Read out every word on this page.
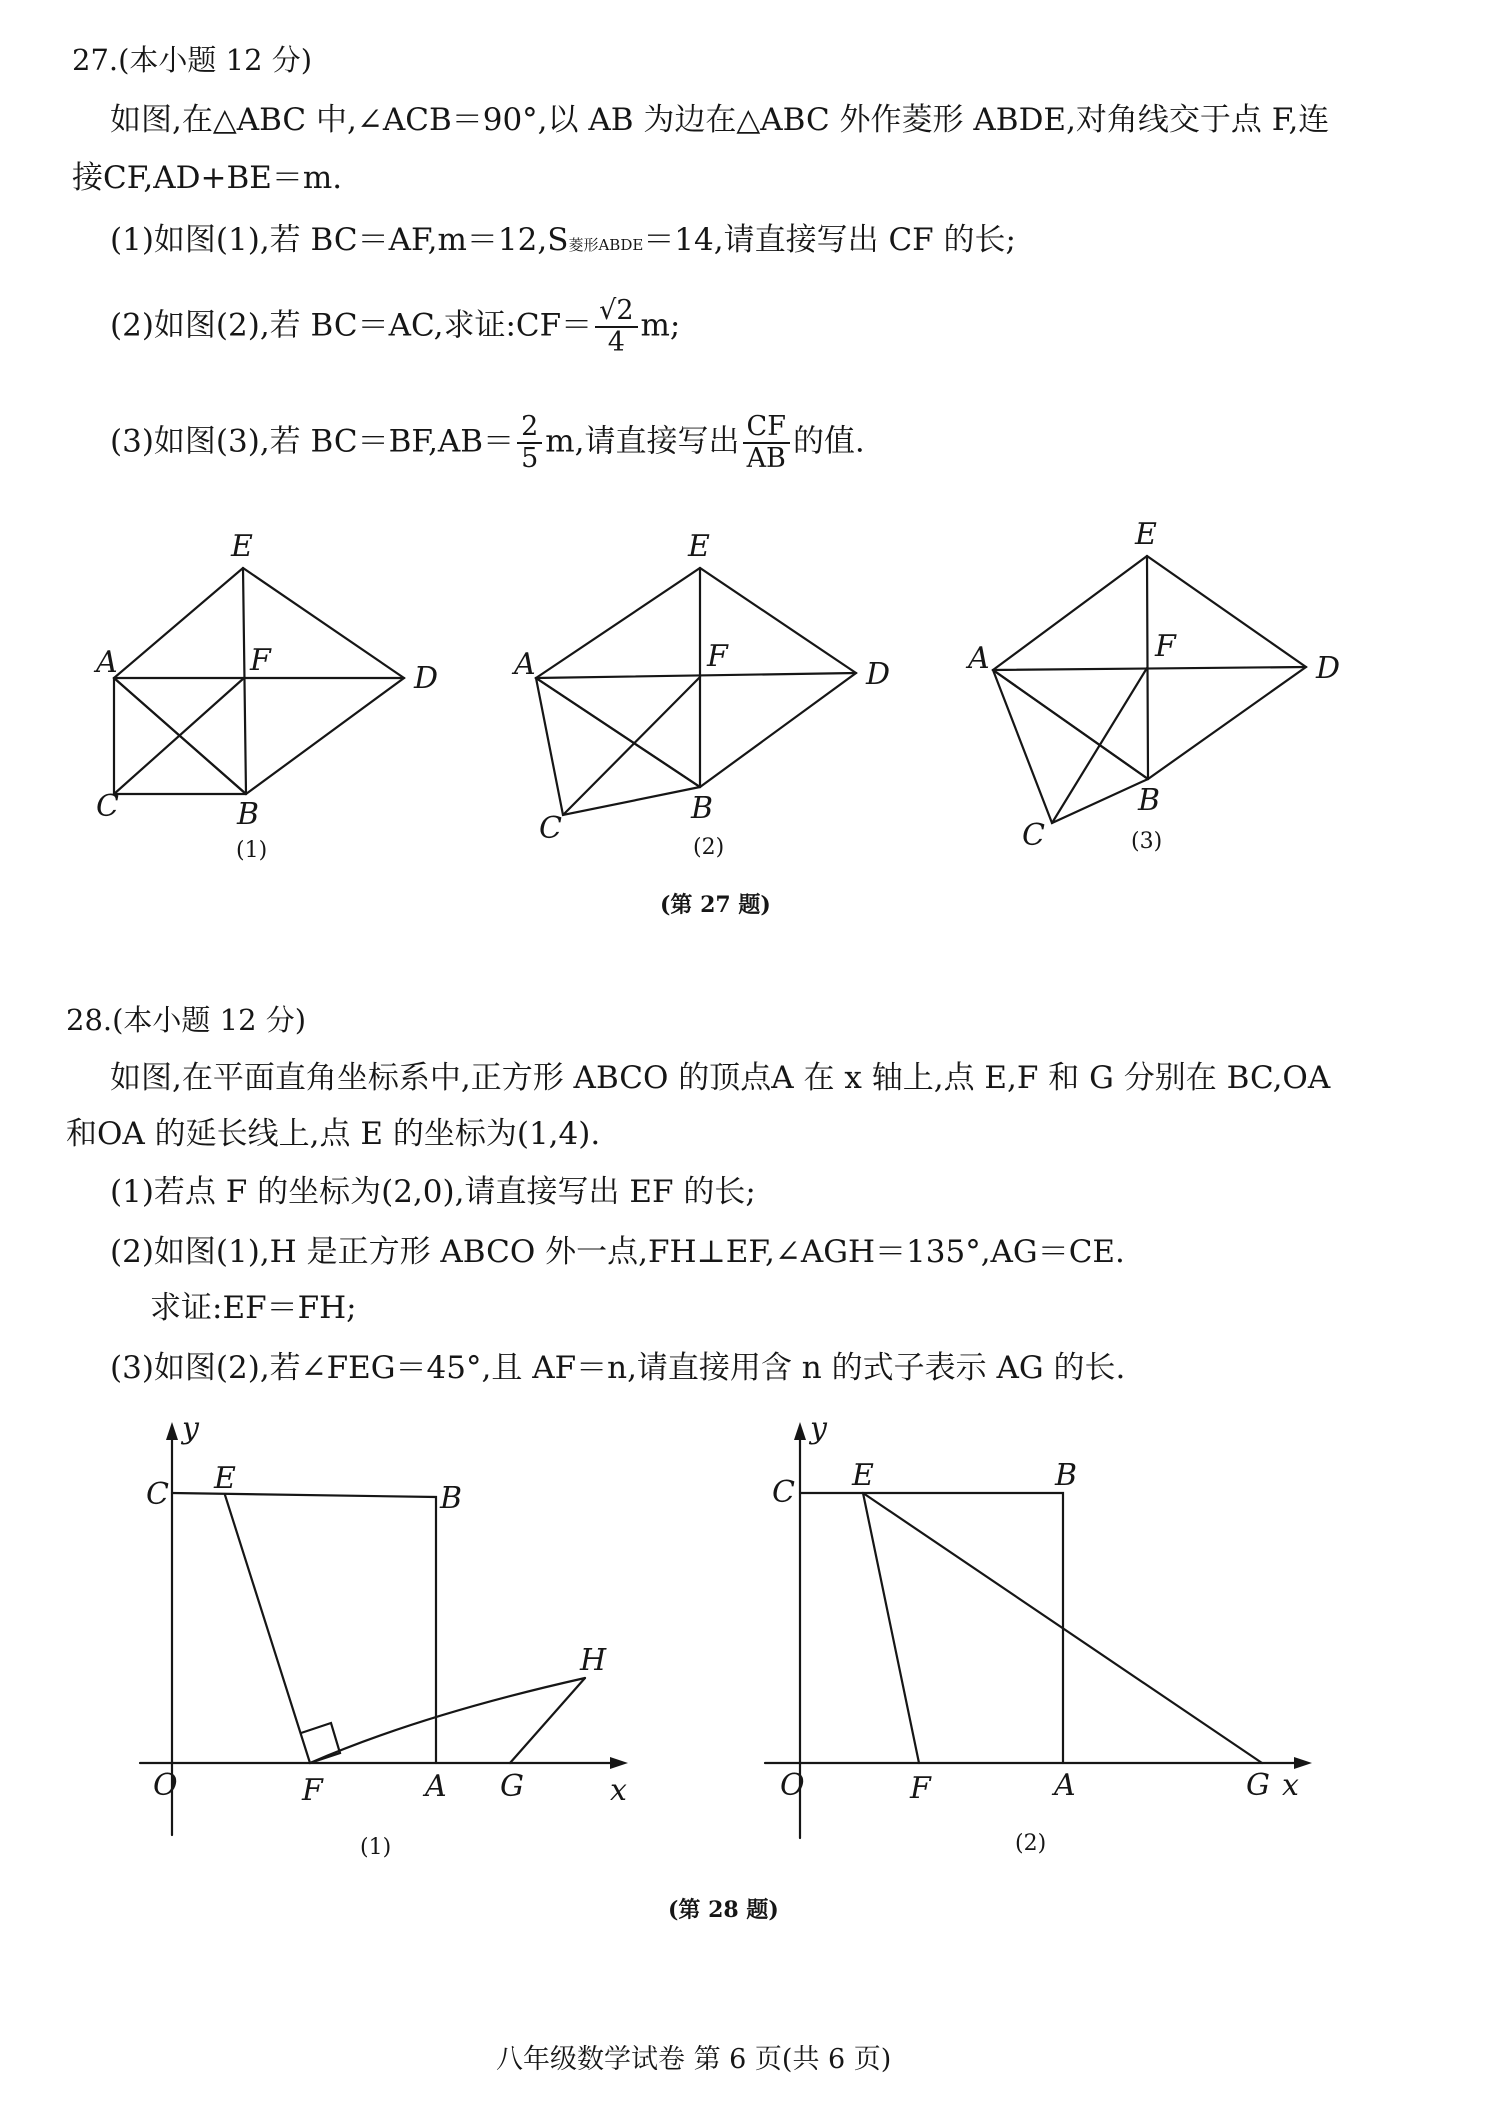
27.(本小题 12 分)
如图,在△ABC 中,∠ACB＝90°,以 AB 为边在△ABC 外作菱形 ABDE,对角线交于点 F,连
接CF,AD+BE＝m.
(1)如图(1),若 BC＝AF,m＝12,S菱形ABDE＝14,请直接写出 CF 的长;
(2)如图(2),若 BC＝AC,求证:CF＝ $\frac{√2}{4} m$;
(3)如图(3),若 $BC=BF,AB= \frac{2}{5} m$,请直接写出 $\frac{CF}{AB}$ 的值.
E
A	F
D
C	B
(1)
E
A	F
D
C
B
(2)
E
A	F
D
C
B
(3)
(第 27 题)
y
C E
B
H
O	F	A G	x
(1)
y
C E	B
O	F	A	G x
(2)
(第 28 题)
28.(本小题 12 分)
如图,在平面直角坐标系中,正方形 ABCO 的顶点A 在 x 轴上,点 E,F 和 G 分别在 BC,OA
和OA 的延长线上,点 E 的坐标为(1,4).
(1)若点 F 的坐标为(2,0),请直接写出 EF 的长;
(2)如图(1),H 是正方形 ABCO 外一点,FH⊥EF,∠AGH＝135°,AG＝CE.
求证:EF＝FH;
(3)如图(2),若∠FEG＝45°,且 AF＝n,请直接用含 n 的式子表示 AG 的长.
八年级数学试卷 第 6 页(共 6 页)
